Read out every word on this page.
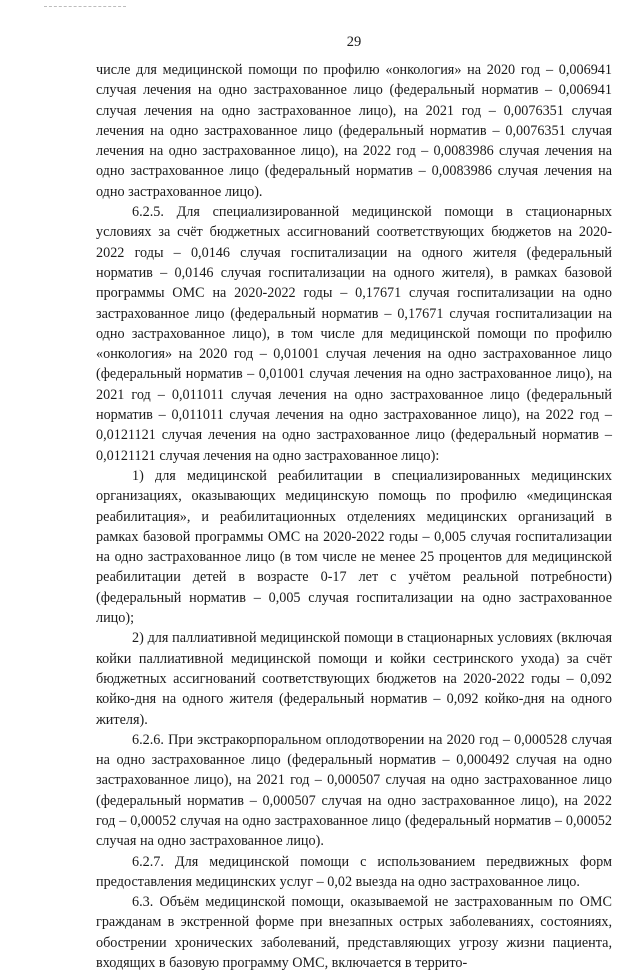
29

числе для медицинской помощи по профилю «онкология» на 2020 год – 0,006941 случая лечения на одно застрахованное лицо (федеральный норматив – 0,006941 случая лечения на одно застрахованное лицо), на 2021 год – 0,0076351 случая лечения на одно застрахованное лицо (федеральный норматив – 0,0076351 случая лечения на одно застрахованное лицо), на 2022 год – 0,0083986 случая лечения на одно застрахованное лицо (федеральный норматив – 0,0083986 случая лечения на одно застрахованное лицо).

6.2.5. Для специализированной медицинской помощи в стационарных условиях за счёт бюджетных ассигнований соответствующих бюджетов на 2020-2022 годы – 0,0146 случая госпитализации на одного жителя (федеральный норматив – 0,0146 случая госпитализации на одного жителя), в рамках базовой программы ОМС на 2020-2022 годы – 0,17671 случая госпитализации на одно застрахованное лицо (федеральный норматив – 0,17671 случая госпитализации на одно застрахованное лицо), в том числе для медицинской помощи по профилю «онкология» на 2020 год – 0,01001 случая лечения на одно застрахованное лицо (федеральный норматив – 0,01001 случая лечения на одно застрахованное лицо), на 2021 год – 0,011011 случая лечения на одно застрахованное лицо (федеральный норматив – 0,011011 случая лечения на одно застрахованное лицо), на 2022 год – 0,0121121 случая лечения на одно застрахованное лицо (федеральный норматив – 0,0121121 случая лечения на одно застрахованное лицо):

1) для медицинской реабилитации в специализированных медицинских организациях, оказывающих медицинскую помощь по профилю «медицинская реабилитация», и реабилитационных отделениях медицинских организаций в рамках базовой программы ОМС на 2020-2022 годы – 0,005 случая госпитализации на одно застрахованное лицо (в том числе не менее 25 процентов для медицинской реабилитации детей в возрасте 0-17 лет с учётом реальной потребности) (федеральный норматив – 0,005 случая госпитализации на одно застрахованное лицо);

2) для паллиативной медицинской помощи в стационарных условиях (включая койки паллиативной медицинской помощи и койки сестринского ухода) за счёт бюджетных ассигнований соответствующих бюджетов на 2020-2022 годы – 0,092 койко-дня на одного жителя (федеральный норматив – 0,092 койко-дня на одного жителя).

6.2.6. При экстракорпоральном оплодотворении на 2020 год – 0,000528 случая на одно застрахованное лицо (федеральный норматив – 0,000492 случая на одно застрахованное лицо), на 2021 год – 0,000507 случая на одно застрахованное лицо (федеральный норматив – 0,000507 случая на одно застрахованное лицо), на 2022 год – 0,00052 случая на одно застрахованное лицо (федеральный норматив – 0,00052 случая на одно застрахованное лицо).

6.2.7. Для медицинской помощи с использованием передвижных форм предоставления медицинских услуг – 0,02 выезда на одно застрахованное лицо.

6.3. Объём медицинской помощи, оказываемой не застрахованным по ОМС гражданам в экстренной форме при внезапных острых заболеваниях, состояниях, обострении хронических заболеваний, представляющих угрозу жизни пациента, входящих в базовую программу ОМС, включается в террито-
